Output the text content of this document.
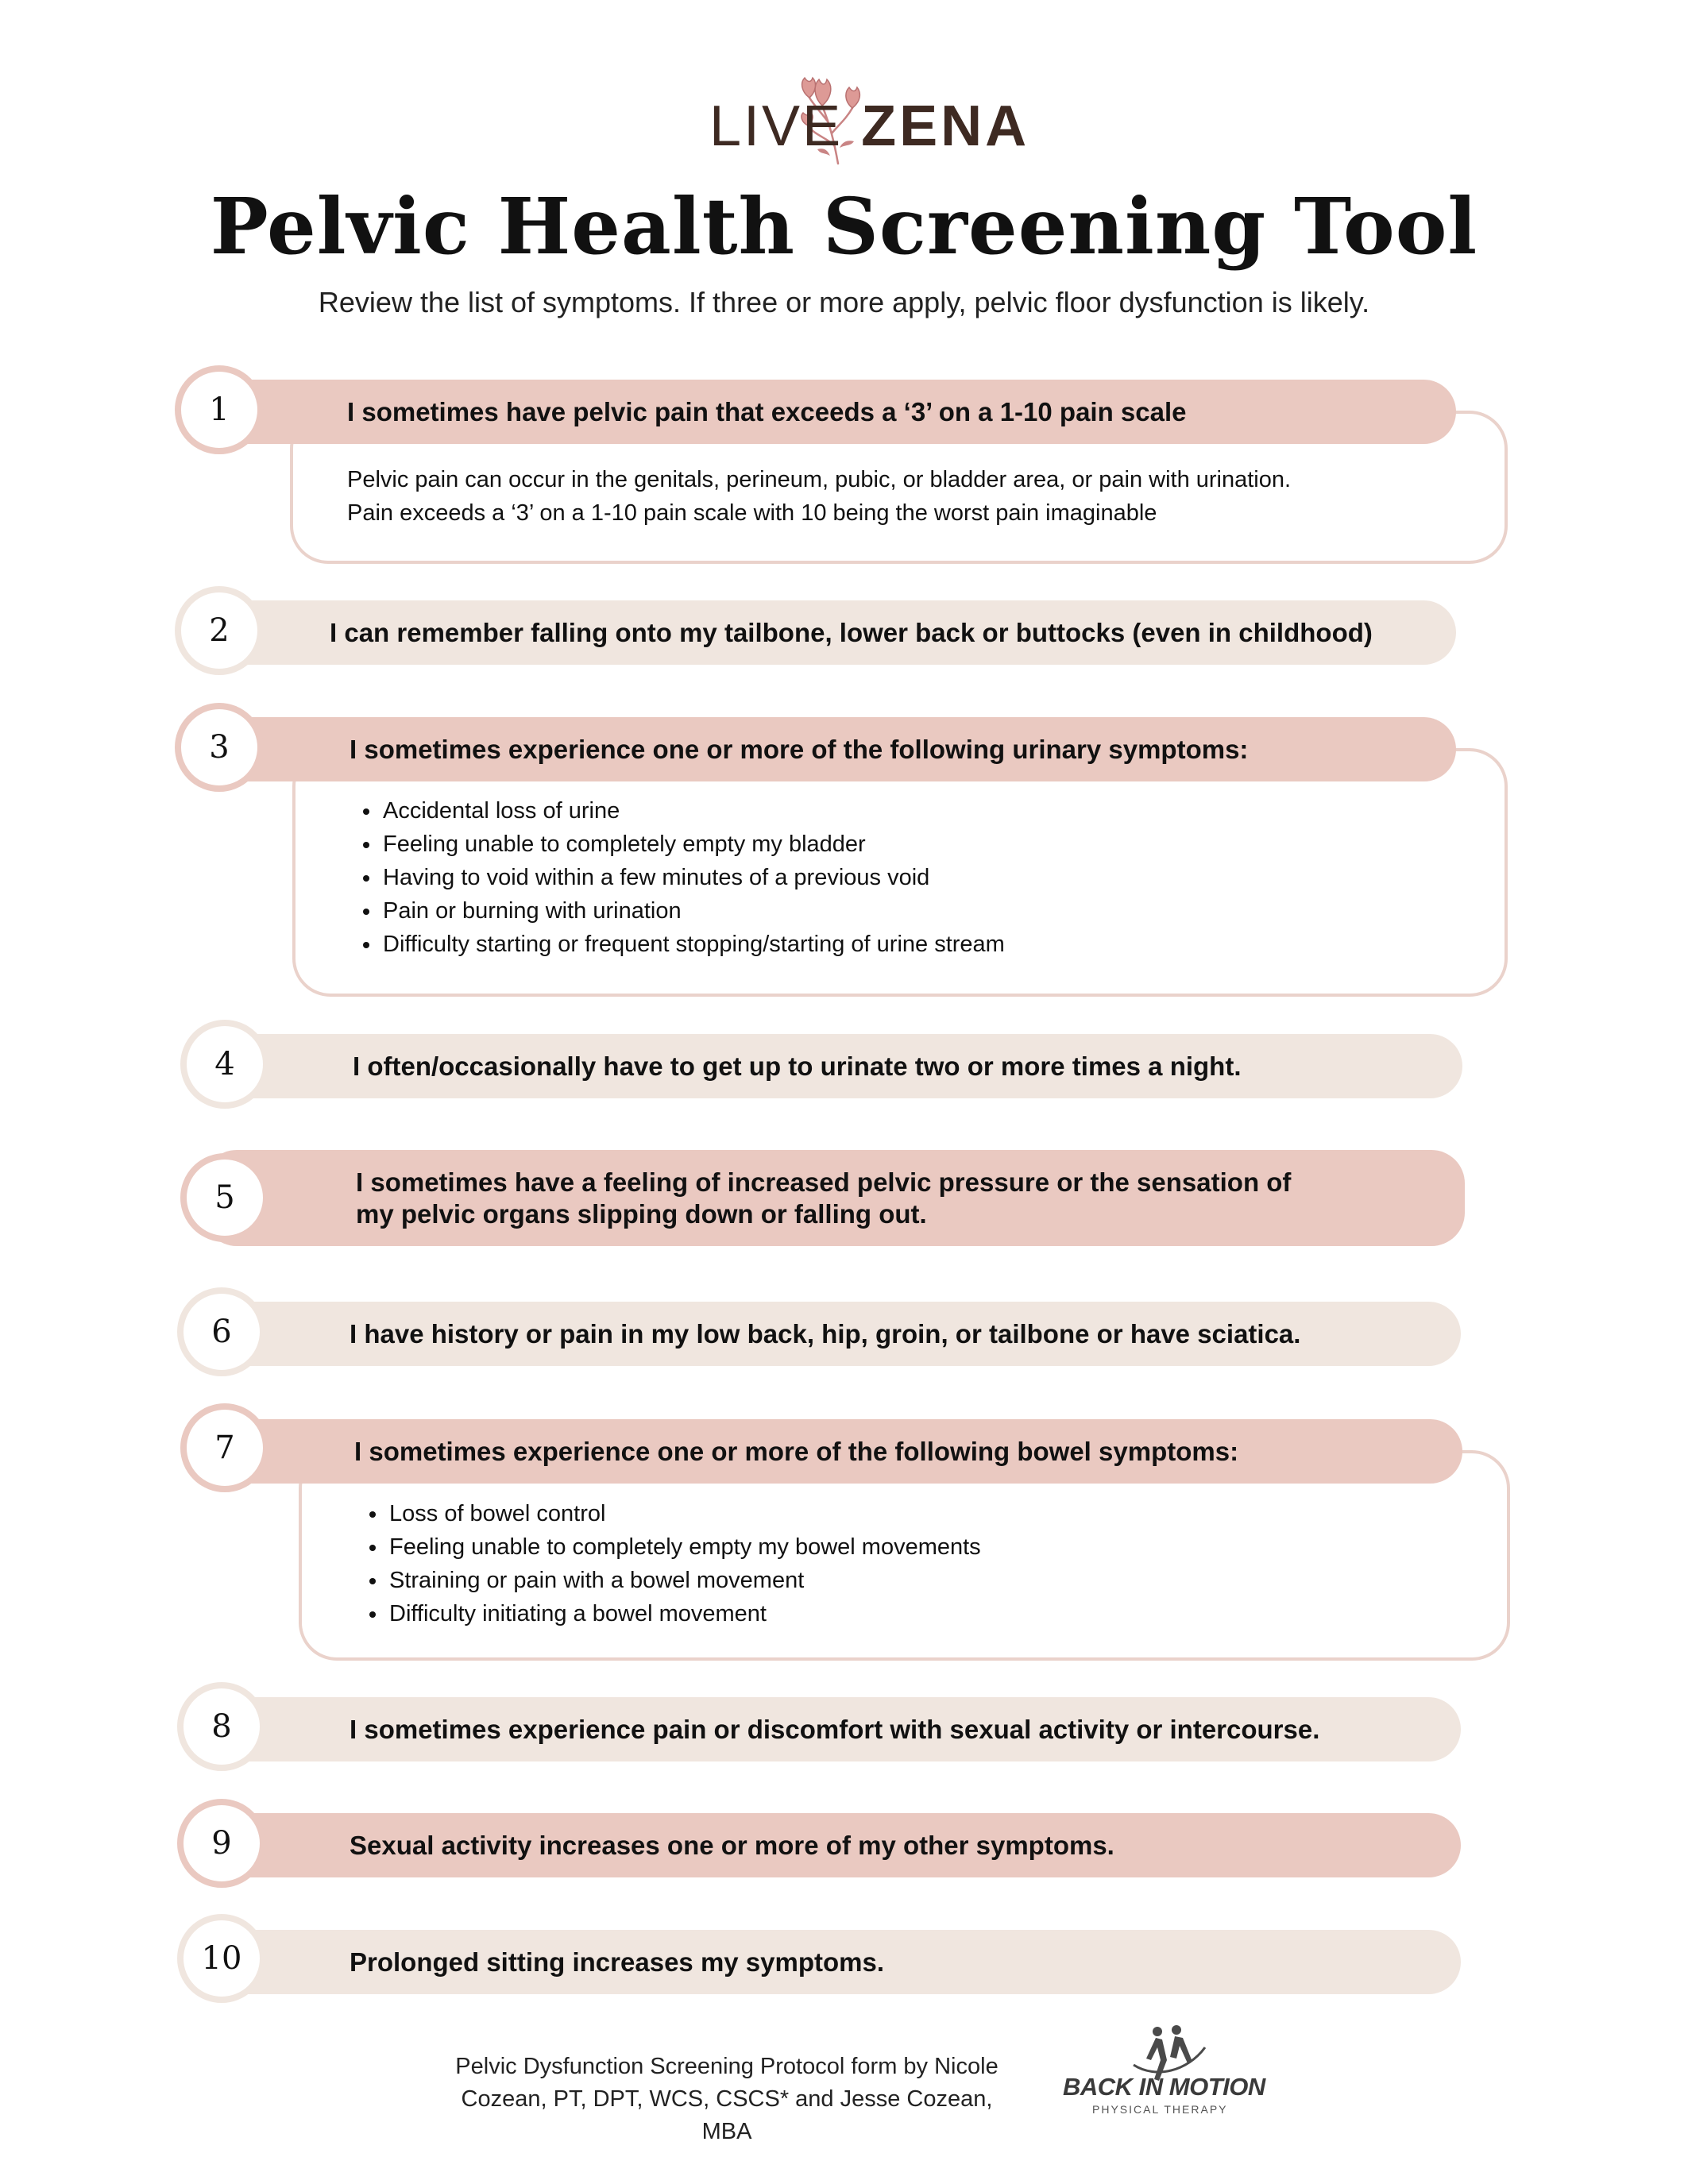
LIVE ZENA
Pelvic Health Screening Tool
Review the list of symptoms. If three or more apply, pelvic floor dysfunction is likely.
I sometimes have pelvic pain that exceeds a ‘3’ on a 1-10 pain scale
1
Pelvic pain can occur in the genitals, perineum, pubic, or bladder area, or pain with urination.
Pain exceeds a ‘3’ on a 1-10 pain scale with 10 being the worst pain imaginable
I can remember falling onto my tailbone, lower back or buttocks (even in childhood)
2
I sometimes experience one or more of the following urinary symptoms:
3
• Accidental loss of urine
• Feeling unable to completely empty my bladder
• Having to void within a few minutes of a previous void
• Pain or burning with urination
• Difficulty starting or frequent stopping/starting of urine stream
I often/occasionally have to get up to urinate two or more times a night.
4
I sometimes have a feeling of increased pelvic pressure or the sensation of
my pelvic organs slipping down or falling out.
5
I have history or pain in my low back, hip, groin, or tailbone or have sciatica.
6
I sometimes experience one or more of the following bowel symptoms:
7
• Loss of bowel control
• Feeling unable to completely empty my bowel movements
• Straining or pain with a bowel movement
• Difficulty initiating a bowel movement
I sometimes experience pain or discomfort with sexual activity or intercourse.
8
Sexual activity increases one or more of my other symptoms.
9
Prolonged sitting increases my symptoms.
10
Pelvic Dysfunction Screening Protocol form by Nicole
Cozean, PT, DPT, WCS, CSCS* and Jesse Cozean, MBA
BACK IN MOTION
PHYSICAL THERAPY
